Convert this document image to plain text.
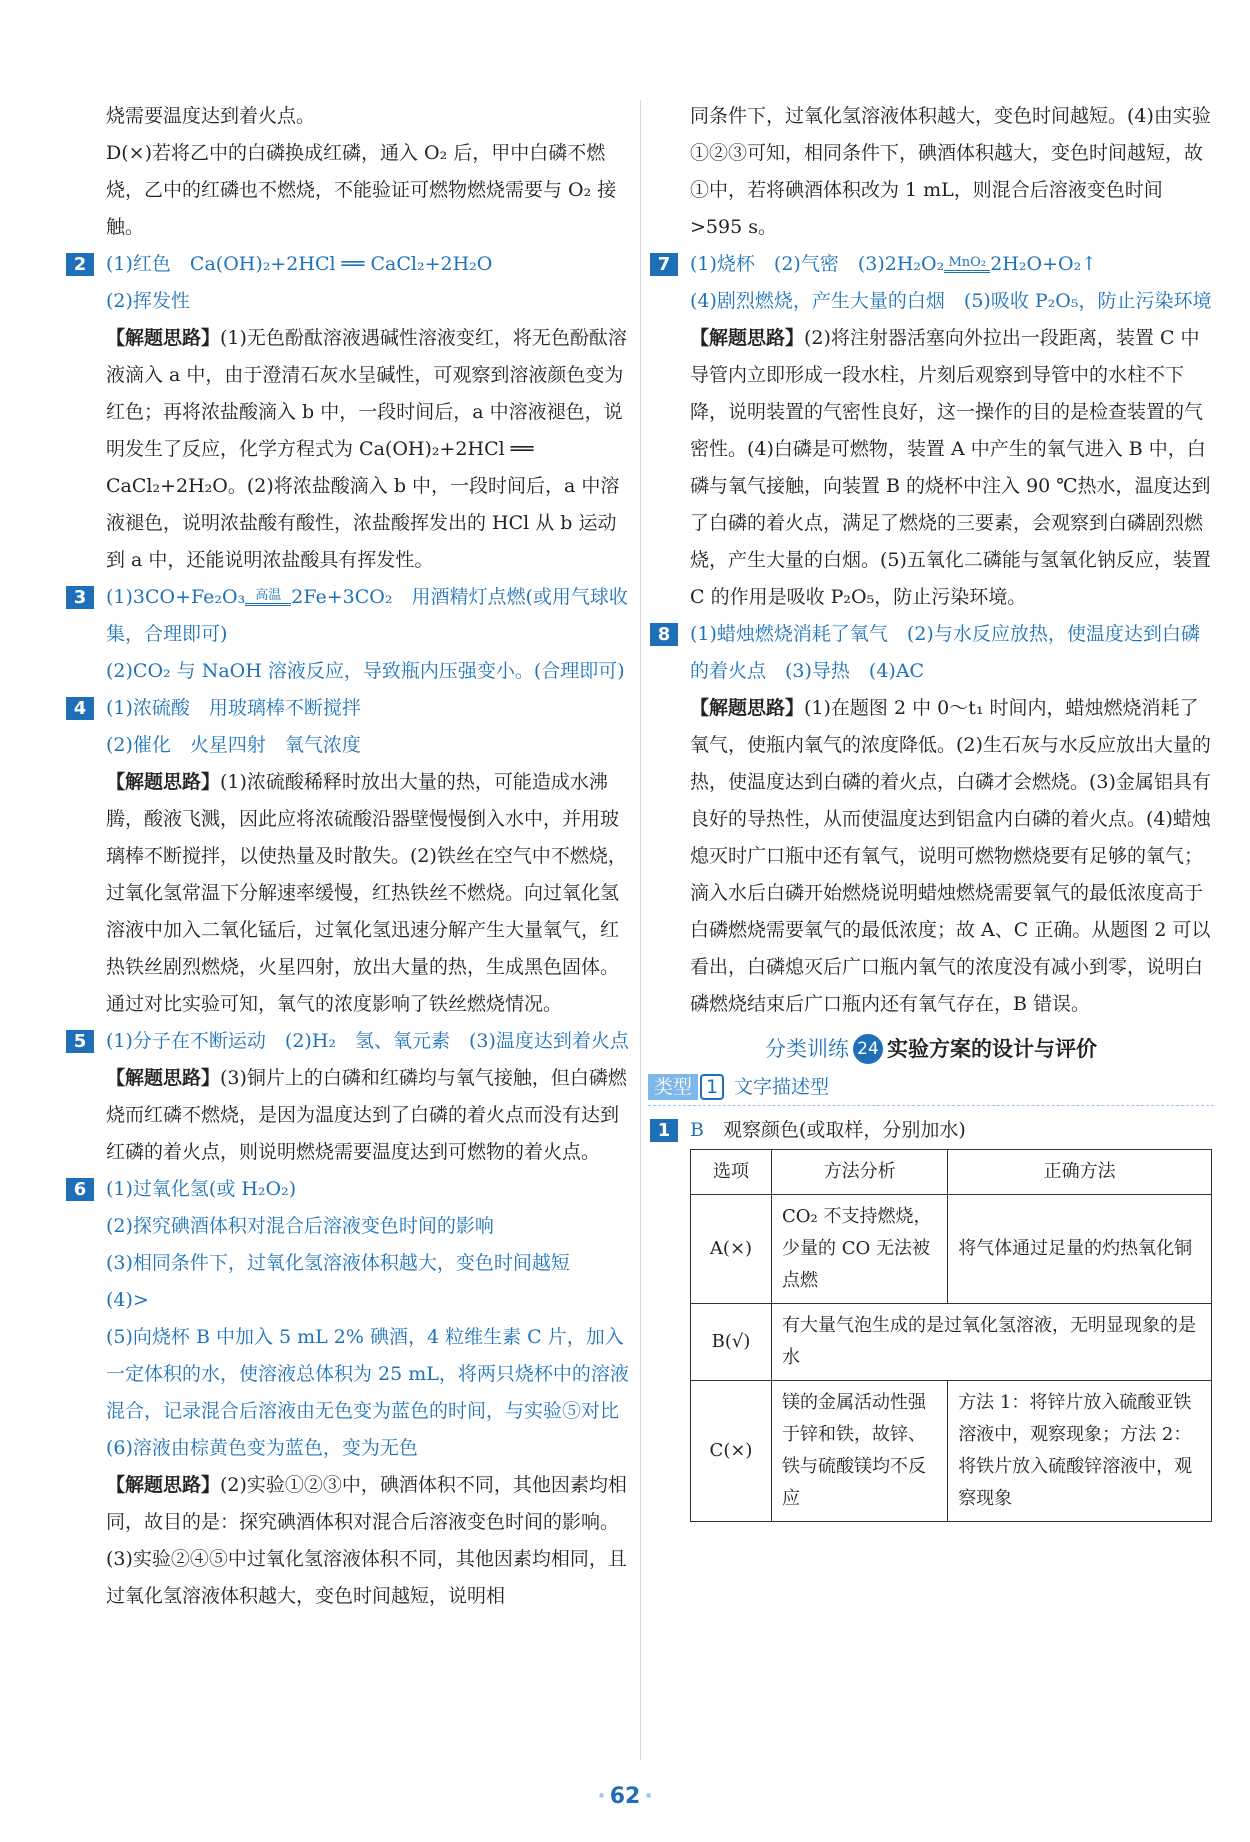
烧需要温度达到着火点。
D(×)若将乙中的白磷换成红磷，通入 O₂ 后，甲中白磷不燃烧，乙中的红磷也不燃烧，不能验证可燃物燃烧需要与 O₂ 接触。
2	(1)红色　Ca(OH)₂+2HCl ══ CaCl₂+2H₂O
(2)挥发性
【解题思路】(1)无色酚酞溶液遇碱性溶液变红，将无色酚酞溶液滴入 a 中，由于澄清石灰水呈碱性，可观察到溶液颜色变为红色；再将浓盐酸滴入 b 中，一段时间后，a 中溶液褪色，说明发生了反应，化学方程式为 Ca(OH)₂+2HCl ══ CaCl₂+2H₂O。(2)将浓盐酸滴入 b 中，一段时间后，a 中溶液褪色，说明浓盐酸有酸性，浓盐酸挥发出的 HCl 从 b 运动到 a 中，还能说明浓盐酸具有挥发性。
3	(1)3CO+Fe₂O₃ 高温 2Fe+3CO₂　用酒精灯点燃(或用气球收集，合理即可)
(2)CO₂ 与 NaOH 溶液反应，导致瓶内压强变小。(合理即可)
4	(1)浓硫酸　用玻璃棒不断搅拌
(2)催化　火星四射　氧气浓度
【解题思路】(1)浓硫酸稀释时放出大量的热，可能造成水沸腾，酸液飞溅，因此应将浓硫酸沿器壁慢慢倒入水中，并用玻璃棒不断搅拌，以使热量及时散失。(2)铁丝在空气中不燃烧，过氧化氢常温下分解速率缓慢，红热铁丝不燃烧。向过氧化氢溶液中加入二氧化锰后，过氧化氢迅速分解产生大量氧气，红热铁丝剧烈燃烧，火星四射，放出大量的热，生成黑色固体。通过对比实验可知，氧气的浓度影响了铁丝燃烧情况。
5	(1)分子在不断运动　(2)H₂　氢、氧元素　(3)温度达到着火点
【解题思路】(3)铜片上的白磷和红磷均与氧气接触，但白磷燃烧而红磷不燃烧，是因为温度达到了白磷的着火点而没有达到红磷的着火点，则说明燃烧需要温度达到可燃物的着火点。
6	(1)过氧化氢(或 H₂O₂)
(2)探究碘酒体积对混合后溶液变色时间的影响
(3)相同条件下，过氧化氢溶液体积越大，变色时间越短
(4)>
(5)向烧杯 B 中加入 5 mL 2% 碘酒，4 粒维生素 C 片，加入一定体积的水，使溶液总体积为 25 mL，将两只烧杯中的溶液混合，记录混合后溶液由无色变为蓝色的时间，与实验⑤对比
(6)溶液由棕黄色变为蓝色，变为无色
【解题思路】(2)实验①②③中，碘酒体积不同，其他因素均相同，故目的是：探究碘酒体积对混合后溶液变色时间的影响。(3)实验②④⑤中过氧化氢溶液体积不同，其他因素均相同，且过氧化氢溶液体积越大，变色时间越短，说明相
同条件下，过氧化氢溶液体积越大，变色时间越短。(4)由实验①②③可知，相同条件下，碘酒体积越大，变色时间越短，故①中，若将碘酒体积改为 1 mL，则混合后溶液变色时间 >595 s。
7	(1)烧杯　(2)气密　(3)2H₂O₂ MnO₂ 2H₂O+O₂↑
(4)剧烈燃烧，产生大量的白烟　(5)吸收 P₂O₅，防止污染环境
【解题思路】(2)将注射器活塞向外拉出一段距离，装置 C 中导管内立即形成一段水柱，片刻后观察到导管中的水柱不下降，说明装置的气密性良好，这一操作的目的是检查装置的气密性。(4)白磷是可燃物，装置 A 中产生的氧气进入 B 中，白磷与氧气接触，向装置 B 的烧杯中注入 90 ℃热水，温度达到了白磷的着火点，满足了燃烧的三要素，会观察到白磷剧烈燃烧，产生大量的白烟。(5)五氧化二磷能与氢氧化钠反应，装置 C 的作用是吸收 P₂O₅，防止污染环境。
8	(1)蜡烛燃烧消耗了氧气　(2)与水反应放热，使温度达到白磷的着火点　(3)导热　(4)AC
【解题思路】(1)在题图 2 中 0～t₁ 时间内，蜡烛燃烧消耗了氧气，使瓶内氧气的浓度降低。(2)生石灰与水反应放出大量的热，使温度达到白磷的着火点，白磷才会燃烧。(3)金属铝具有良好的导热性，从而使温度达到铝盒内白磷的着火点。(4)蜡烛熄灭时广口瓶中还有氧气，说明可燃物燃烧要有足够的氧气；滴入水后白磷开始燃烧说明蜡烛燃烧需要氧气的最低浓度高于白磷燃烧需要氧气的最低浓度；故 A、C 正确。从题图 2 可以看出，白磷熄灭后广口瓶内氧气的浓度没有减小到零，说明白磷燃烧结束后广口瓶内还有氧气存在，B 错误。
分类训练 24 实验方案的设计与评价
类型 1 文字描述型
1	B　 观察颜色(或取样，分别加水)
选项	方法分析	正确方法
A(×)	CO₂ 不支持燃烧，少量的 CO 无法被点燃	将气体通过足量的灼热氧化铜
B(√)	有大量气泡生成的是过氧化氢溶液，无明显现象的是水	
C(×)	镁的金属活动性强于锌和铁，故锌、铁与硫酸镁均不反应	方法 1：将锌片放入硫酸亚铁溶液中，观察现象；方法 2：将铁片放入硫酸锌溶液中，观察现象
· 62 ·
